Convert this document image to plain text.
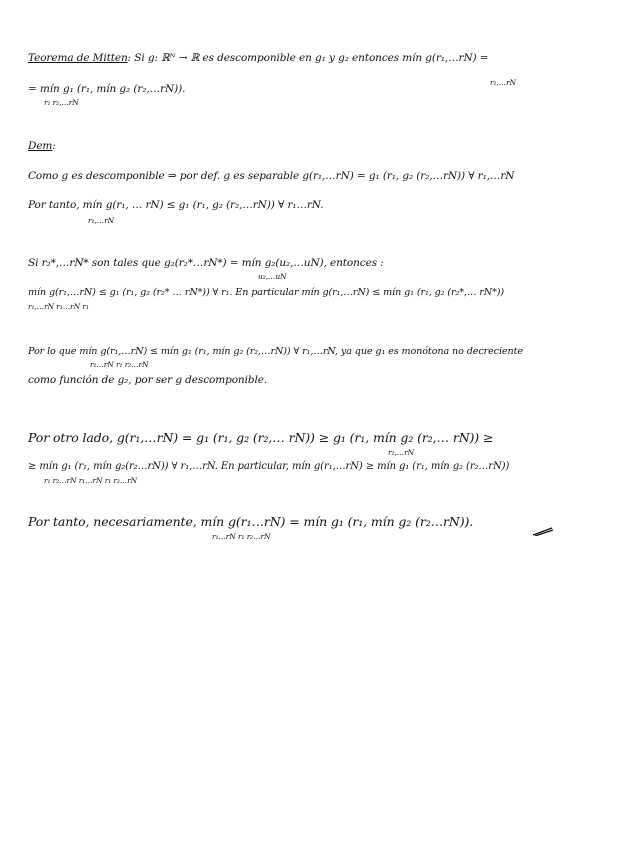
Teorema de Mitten: Si g: ℝᴺ → ℝ es descomponible en g₁ y g₂ entonces mín g(r₁,…rN) =
r₁,…rN
= mín g₁ (r₁, mín g₂ (r₂,…rN)).
r₁ r₂,…rN
Dem:
Como g es descomponible ⇒ por def. g es separable g(r₁,…rN) = g₁ (r₁, g₂ (r₂,…rN)) ∀ r₁,…rN
Por tanto, mín g(r₁, … rN) ≤ g₁ (r₁, g₂ (r₂,…rN)) ∀ r₁…rN.
r₁,…rN
Si r₂*,…rN* son tales que g₂(r₂*…rN*) = mín g₂(u₂,…uN), entonces :
u₂,…uN
mín g(r₁,…rN) ≤ g₁ (r₁, g₂ (r₂* … rN*)) ∀ r₁. En particular mín g(r₁,…rN) ≤ mín g₁ (r₁, g₂ (r₂*,… rN*))
r₁,…rN r₁…rN r₁
Por lo que mín g(r₁,…rN) ≤ mín g₁ (r₁, mín g₂ (r₂,…rN)) ∀ r₁,…rN, ya que g₁ es monótona no decreciente
r₁…rN r₁ r₂…rN
como función de g₂, por ser g descomponible.
Por otro lado, g(r₁,…rN) = g₁ (r₁, g₂ (r₂,… rN)) ≥ g₁ (r₁, mín g₂ (r₂,… rN)) ≥
r₂,…rN
≥ mín g₁ (r₁, mín g₂(r₂…rN)) ∀ r₁,…rN. En particular, mín g(r₁,…rN) ≥ mín g₁ (r₁, mín g₂ (r₂…rN))
r₁ r₂…rN r₁…rN r₁ r₂…rN
Por tanto, necesariamente, mín g(r₁…rN) = mín g₁ (r₁, mín g₂ (r₂…rN)).
r₁…rN r₁ r₂…rN
